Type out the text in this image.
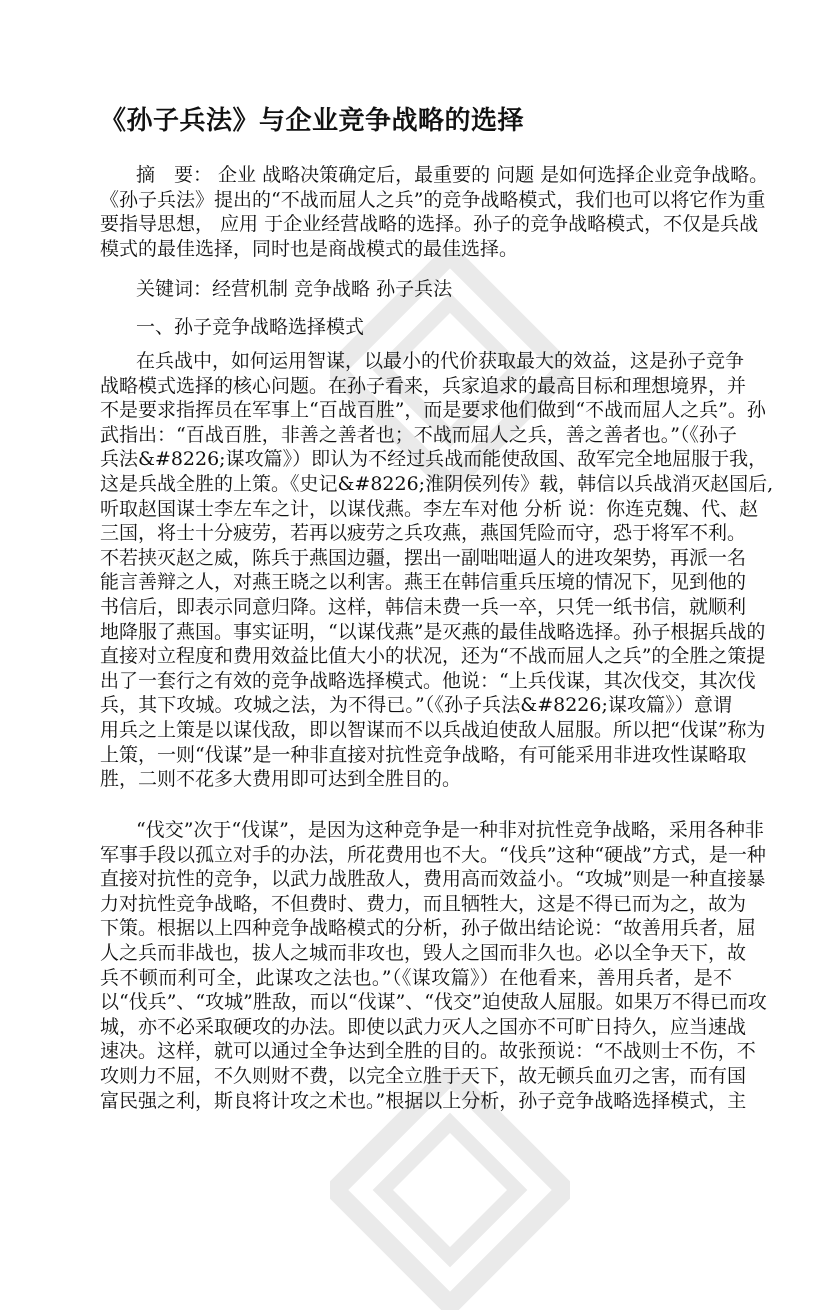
《孙子兵法》与企业竞争战略的选择
摘　要： 企业 战略决策确定后，最重要的 问题 是如何选择企业竞争战略。
《孙子兵法》提出的“不战而屈人之兵”的竞争战略模式，我们也可以将它作为重
要指导思想， 应用 于企业经营战略的选择。孙子的竞争战略模式，不仅是兵战
模式的最佳选择，同时也是商战模式的最佳选择。
关键词：经营机制 竞争战略 孙子兵法
一、孙子竞争战略选择模式
在兵战中，如何运用智谋，以最小的代价获取最大的效益，这是孙子竞争
战略模式选择的核心问题。在孙子看来，兵家追求的最高目标和理想境界，并
不是要求指挥员在军事上“百战百胜”，而是要求他们做到“不战而屈人之兵”。孙
武指出：“百战百胜，非善之善者也；不战而屈人之兵，善之善者也。”（《孙子
兵法&#8226;谋攻篇》）即认为不经过兵战而能使敌国、敌军完全地屈服于我，
这是兵战全胜的上策。《史记&#8226;淮阴侯列传》载，韩信以兵战消灭赵国后,
听取赵国谋士李左车之计，以谋伐燕。李左车对他 分析 说：你连克魏、代、赵
三国，将士十分疲劳，若再以疲劳之兵攻燕，燕国凭险而守，恐于将军不利。
不若挟灭赵之威，陈兵于燕国边疆，摆出一副咄咄逼人的进攻架势，再派一名
能言善辩之人，对燕王晓之以利害。燕王在韩信重兵压境的情况下，见到他的
书信后，即表示同意归降。这样，韩信未费一兵一卒，只凭一纸书信，就顺利
地降服了燕国。事实证明，“以谋伐燕”是灭燕的最佳战略选择。孙子根据兵战的
直接对立程度和费用效益比值大小的状况，还为“不战而屈人之兵”的全胜之策提
出了一套行之有效的竞争战略选择模式。他说：“上兵伐谋，其次伐交，其次伐
兵，其下攻城。攻城之法，为不得已。”（《孙子兵法&#8226;谋攻篇》）意谓
用兵之上策是以谋伐敌，即以智谋而不以兵战迫使敌人屈服。所以把“伐谋”称为
上策，一则“伐谋”是一种非直接对抗性竞争战略，有可能采用非进攻性谋略取
胜，二则不花多大费用即可达到全胜目的。
“伐交”次于“伐谋”，是因为这种竞争是一种非对抗性竞争战略，采用各种非
军事手段以孤立对手的办法，所花费用也不大。“伐兵”这种“硬战”方式，是一种
直接对抗性的竞争，以武力战胜敌人，费用高而效益小。“攻城”则是一种直接暴
力对抗性竞争战略，不但费时、费力，而且牺牲大，这是不得已而为之，故为
下策。根据以上四种竞争战略模式的分析，孙子做出结论说：“故善用兵者，屈
人之兵而非战也，拔人之城而非攻也，毁人之国而非久也。必以全争天下，故
兵不顿而利可全，此谋攻之法也。”（《谋攻篇》）在他看来，善用兵者，是不
以“伐兵”、“攻城”胜敌，而以“伐谋”、“伐交”迫使敌人屈服。如果万不得已而攻
城，亦不必采取硬攻的办法。即使以武力灭人之国亦不可旷日持久，应当速战
速决。这样，就可以通过全争达到全胜的目的。故张预说：“不战则士不伤，不
攻则力不屈，不久则财不费，以完全立胜于天下，故无顿兵血刃之害，而有国
富民强之利，斯良将计攻之术也。”根据以上分析，孙子竞争战略选择模式，主
